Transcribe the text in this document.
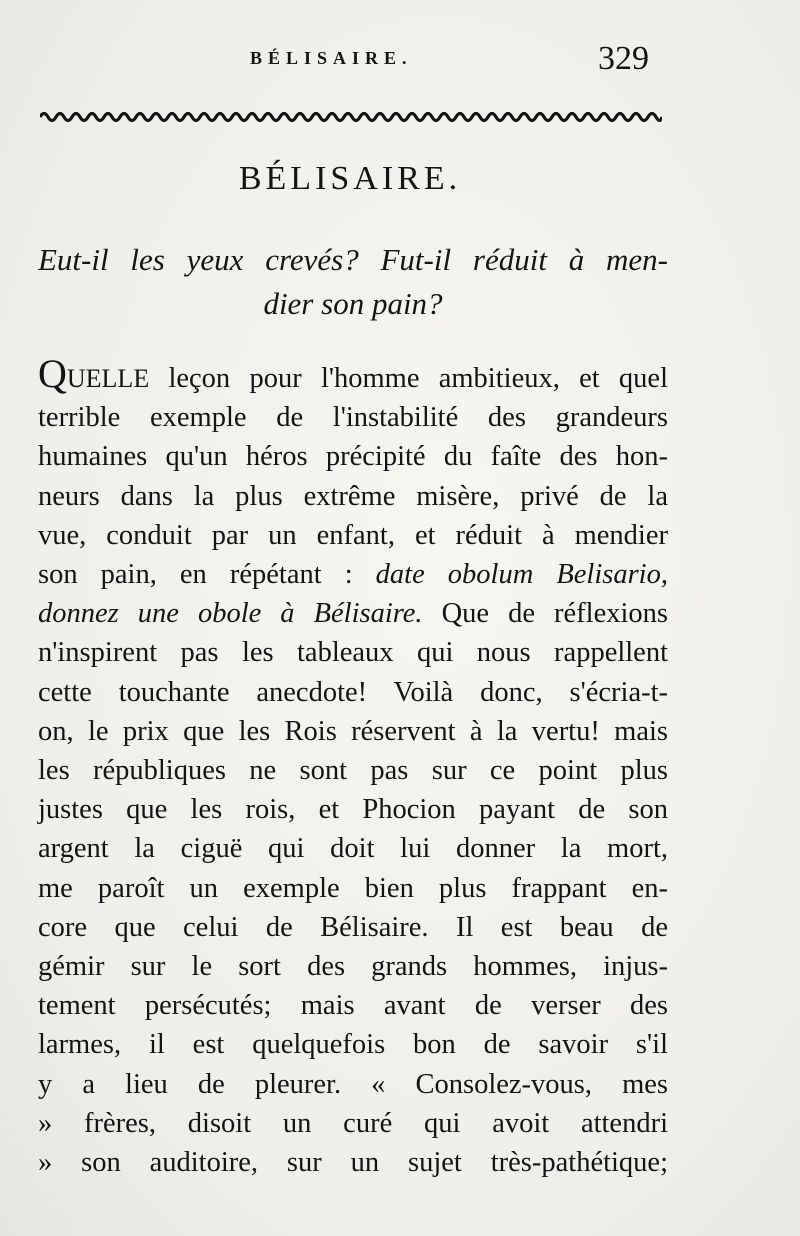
BÉLISAIRE.	329
BÉLISAIRE.
Eut-il les yeux crevés? Fut-il réduit à men-
dier son pain?
QUELLE leçon pour l'homme ambitieux, et quel
terrible exemple de l'instabilité des grandeurs
humaines qu'un héros précipité du faîte des hon-
neurs dans la plus extrême misère, privé de la
vue, conduit par un enfant, et réduit à mendier
son pain, en répétant : date obolum Belisario,
donnez une obole à Bélisaire. Que de réflexions
n'inspirent pas les tableaux qui nous rappellent
cette touchante anecdote! Voilà donc, s'écria-t-
on, le prix que les Rois réservent à la vertu! mais
les républiques ne sont pas sur ce point plus
justes que les rois, et Phocion payant de son
argent la ciguë qui doit lui donner la mort,
me paroît un exemple bien plus frappant en-
core que celui de Bélisaire. Il est beau de
gémir sur le sort des grands hommes, injus-
tement persécutés; mais avant de verser des
larmes, il est quelquefois bon de savoir s'il
y a lieu de pleurer. « Consolez-vous, mes
» frères, disoit un curé qui avoit attendri
» son auditoire, sur un sujet très-pathétique;
